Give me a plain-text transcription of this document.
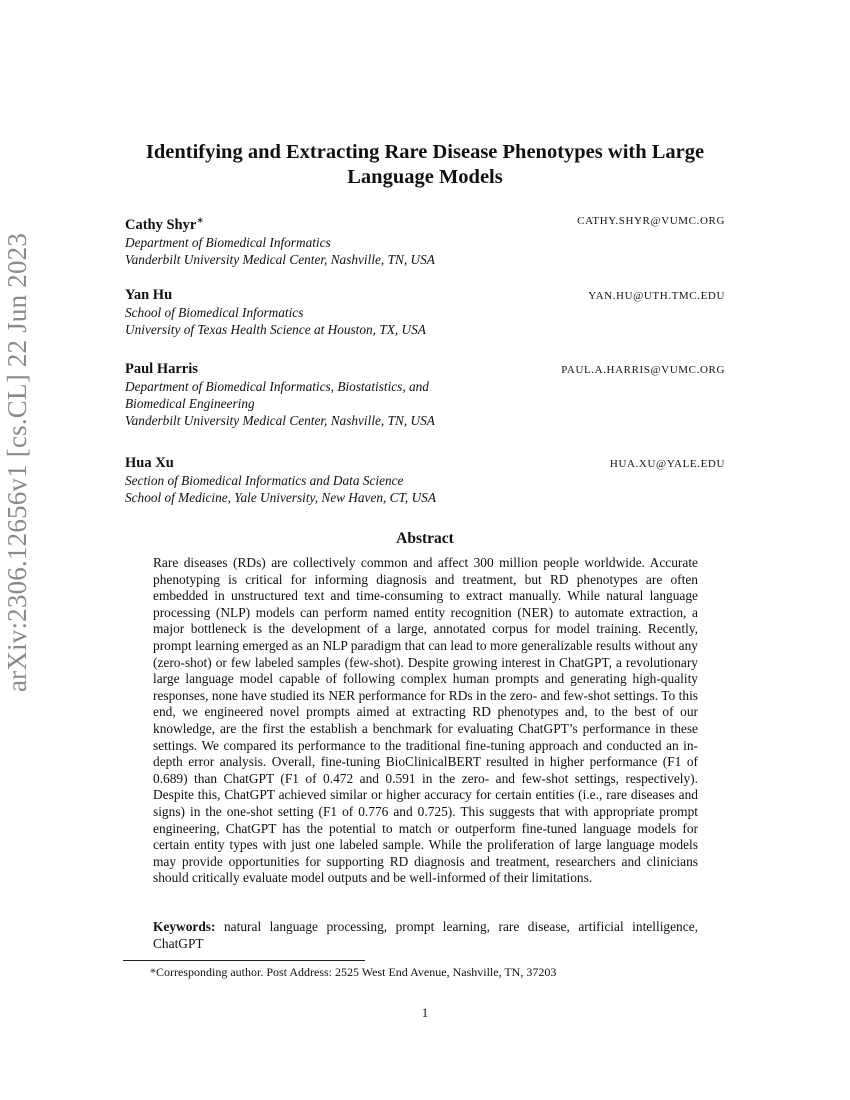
arXiv:2306.12656v1 [cs.CL] 22 Jun 2023
Identifying and Extracting Rare Disease Phenotypes with Large Language Models
Cathy Shyr∗	CATHY.SHYR@VUMC.ORG
Department of Biomedical Informatics
Vanderbilt University Medical Center, Nashville, TN, USA
Yan Hu	YAN.HU@UTH.TMC.EDU
School of Biomedical Informatics
University of Texas Health Science at Houston, TX, USA
Paul Harris	PAUL.A.HARRIS@VUMC.ORG
Department of Biomedical Informatics, Biostatistics, and
Biomedical Engineering
Vanderbilt University Medical Center, Nashville, TN, USA
Hua Xu	HUA.XU@YALE.EDU
Section of Biomedical Informatics and Data Science
School of Medicine, Yale University, New Haven, CT, USA
Abstract
Rare diseases (RDs) are collectively common and affect 300 million people worldwide. Accurate phenotyping is critical for informing diagnosis and treatment, but RD phenotypes are often embedded in unstructured text and time-consuming to extract manually. While natural language processing (NLP) models can perform named entity recognition (NER) to automate extraction, a major bottleneck is the development of a large, annotated corpus for model training. Recently, prompt learning emerged as an NLP paradigm that can lead to more generalizable results without any (zero-shot) or few labeled samples (few-shot). Despite growing interest in ChatGPT, a revolutionary large language model capable of following complex human prompts and generating high-quality responses, none have studied its NER performance for RDs in the zero- and few-shot settings. To this end, we engineered novel prompts aimed at extracting RD phenotypes and, to the best of our knowledge, are the first the establish a benchmark for evaluating ChatGPT’s performance in these settings. We compared its performance to the traditional fine-tuning approach and conducted an in-depth error analysis. Overall, fine-tuning BioClinicalBERT resulted in higher performance (F1 of 0.689) than ChatGPT (F1 of 0.472 and 0.591 in the zero- and few-shot settings, respectively). Despite this, ChatGPT achieved similar or higher accuracy for certain entities (i.e., rare diseases and signs) in the one-shot setting (F1 of 0.776 and 0.725). This suggests that with appropriate prompt engineering, ChatGPT has the potential to match or outperform fine-tuned language models for certain entity types with just one labeled sample. While the proliferation of large language models may provide opportunities for supporting RD diagnosis and treatment, researchers and clinicians should critically evaluate model outputs and be well-informed of their limitations.
Keywords: natural language processing, prompt learning, rare disease, artificial intelligence, ChatGPT
*Corresponding author. Post Address: 2525 West End Avenue, Nashville, TN, 37203
1
